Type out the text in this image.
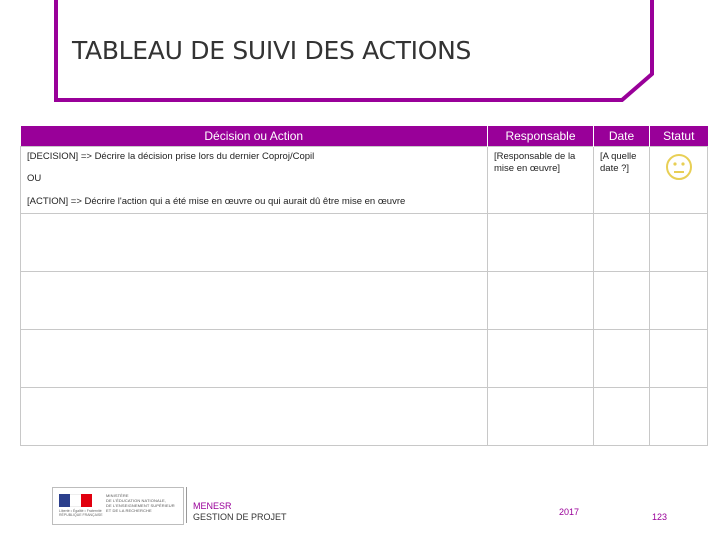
TABLEAU DE SUIVI DES ACTIONS
Décision ou Action	Responsable	Date	Statut

[DECISION] => Décrire la décision prise lors du dernier Coproj/Copil
OU
[ACTION] => Décrire l'action qui a été mise en œuvre ou qui aurait dû être mise en œuvre	[Responsable de la mise en œuvre]	[A quelle date ?]

Liberté • Égalité • Fraternité
RÉPUBLIQUE FRANÇAISE
MINISTÈRE
DE L'ÉDUCATION NATIONALE,
DE L'ENSEIGNEMENT SUPÉRIEUR
ET DE LA RECHERCHE	MENESR
GESTION DE PROJET	2017	123
